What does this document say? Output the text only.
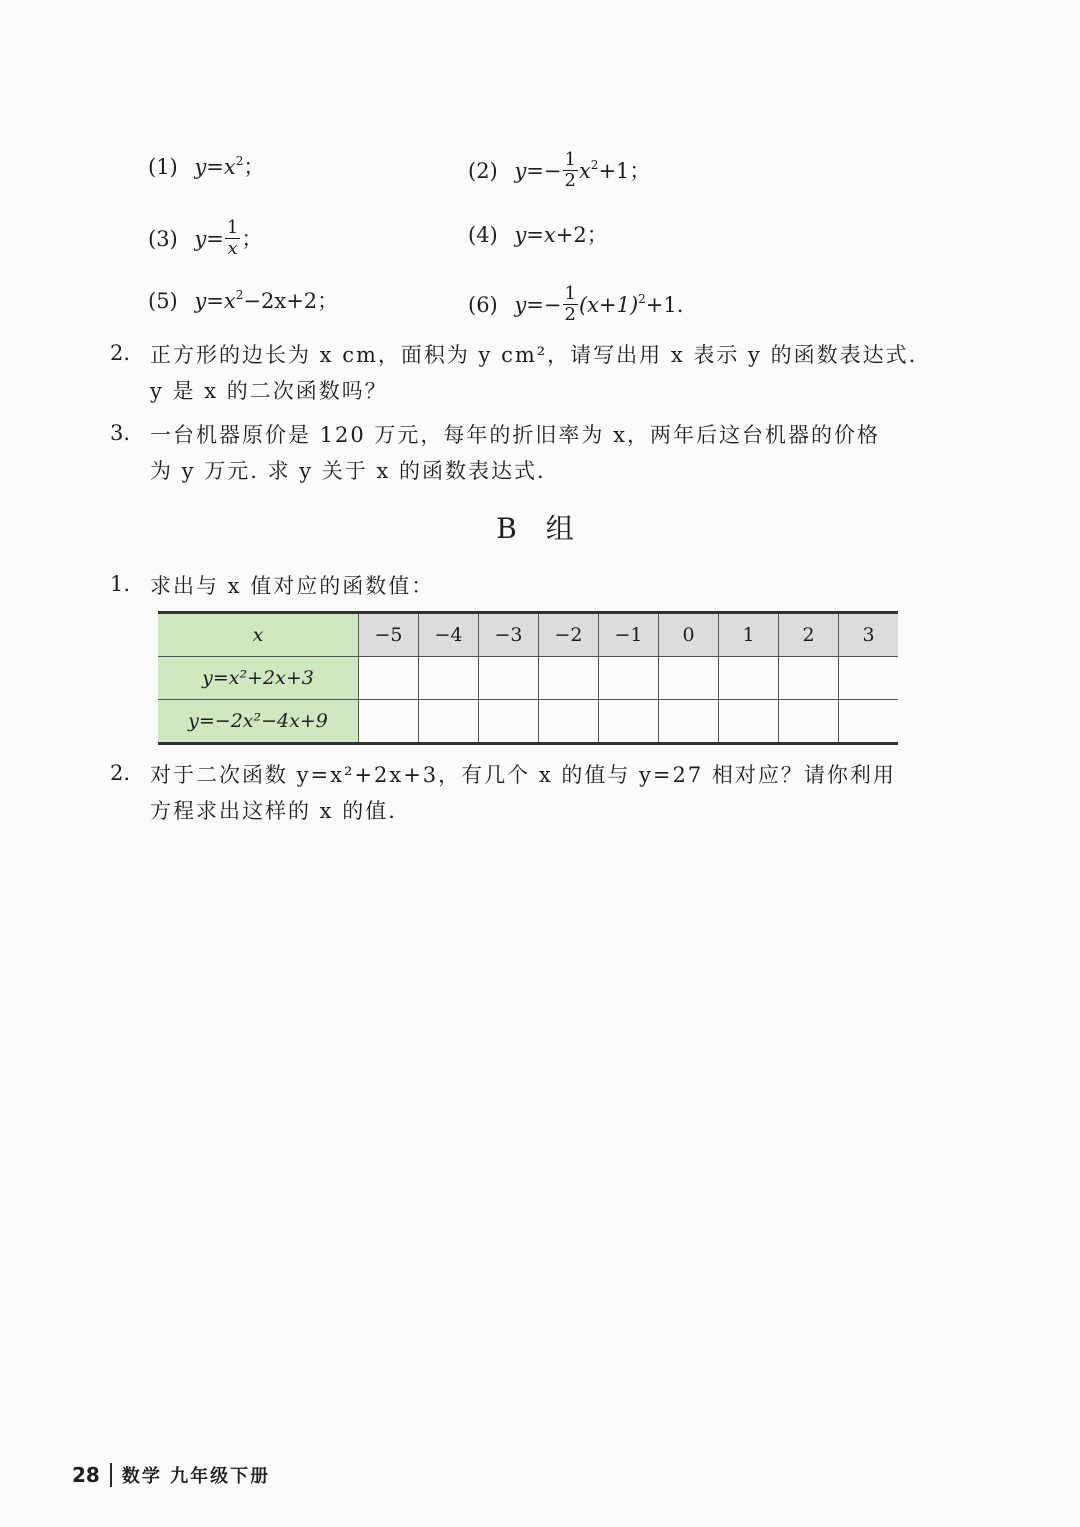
(1) $y=x^2$；	(2) $y=- \frac{1}{2} x^2+1$；
(3) $y= \frac{1}{x}$ ；	(4) y=x+2；
(5) $y=x^2-2x+2$；	(6) $y=- \frac{1}{2} (x+1)^2+1$.
2. 正方形的边长为 x cm，面积为 y cm²，请写出用 x 表示 y 的函数表达式.
y 是 x 的二次函数吗？
3. 一台机器原价是 120 万元，每年的折旧率为 x，两年后这台机器的价格
为 y 万元. 求 y 关于 x 的函数表达式.
B 组
1. 求出与 x 值对应的函数值：
x	−5	−4	−3	−2	−1	0	1	2	3
y=x²+2x+3									
y=−2x²−4x+9									
2. 对于二次函数 y=x²+2x+3，有几个 x 的值与 y=27 相对应？请你利用
方程求出这样的 x 的值.
28 数学 九年级下册
